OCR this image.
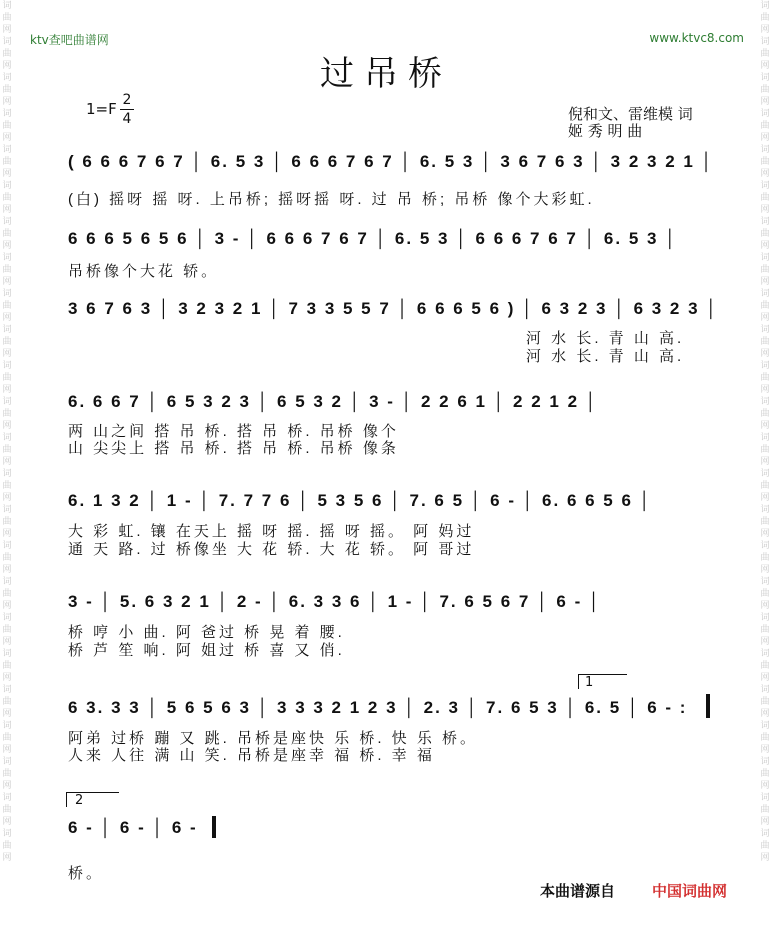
词曲网词曲网词曲网词曲网词曲网词曲网词曲网词曲网词曲网词曲网词曲网词曲网词曲网词曲网词曲网词曲网词曲网词曲网词曲网词曲网词曲网词曲网词曲网词曲网
词曲网词曲网词曲网词曲网词曲网词曲网词曲网词曲网词曲网词曲网词曲网词曲网词曲网词曲网词曲网词曲网词曲网词曲网词曲网词曲网词曲网词曲网词曲网词曲网
ktv查吧曲谱网	www.ktvc8.com
过吊桥
1=F 2
4	倪和文、雷维模 词
姬 秀 明 曲
( 6 6 6 7 6 7 │ 6. 5 3 │ 6 6 6 7 6 7 │ 6. 5 3 │ 3 6 7 6 3 │ 3 2 3 2 1 │
(白) 摇呀 摇 呀. 上吊桥; 摇呀摇 呀. 过 吊 桥; 吊桥 像个大彩虹.
6 6 6 5 6 5 6 │ 3 - │ 6 6 6 7 6 7 │ 6. 5 3 │ 6 6 6 7 6 7 │ 6. 5 3 │
吊桥像个大花 轿。
3 6 7 6 3 │ 3 2 3 2 1 │ 7 3 3 5 5 7 │ 6 6 6 5 6 ) │ 6 3 2 3 │ 6 3 2 3 │
河 水 长. 青 山 高.
河 水 长. 青 山 高.
6. 6 6 7 │ 6 5 3 2 3 │ 6 5 3 2 │ 3 - │ 2 2 6 1 │ 2 2 1 2 │
两 山之间 搭 吊 桥. 搭 吊 桥. 吊桥 像个
山 尖尖上 搭 吊 桥. 搭 吊 桥. 吊桥 像条
6. 1 3 2 │ 1 - │ 7. 7 7 6 │ 5 3 5 6 │ 7. 6 5 │ 6 - │ 6. 6 6 5 6 │
大 彩 虹. 镶 在天上 摇 呀 摇. 摇 呀 摇。 阿 妈过
通 天 路. 过 桥像坐 大 花 轿. 大 花 轿。 阿 哥过
3 - │ 5. 6 3 2 1 │ 2 - │ 6. 3 3 6 │ 1 - │ 7. 6 5 6 7 │ 6 - │
桥 哼 小 曲. 阿 爸过 桥 晃 着 腰.
桥 芦 笙 响. 阿 姐过 桥 喜 又 俏.
1
6 3. 3 3 │ 5 6 5 6 3 │ 3 3 3 2 1 2 3 │ 2. 3 │ 7. 6 5 3 │ 6. 5 │ 6 - :
阿弟 过桥 蹦 又 跳. 吊桥是座快 乐 桥. 快 乐 桥。
人来 人往 满 山 笑. 吊桥是座幸 福 桥. 幸 福
2
6 - │ 6 - │ 6 -
桥。
本曲谱源自 中国词曲网
